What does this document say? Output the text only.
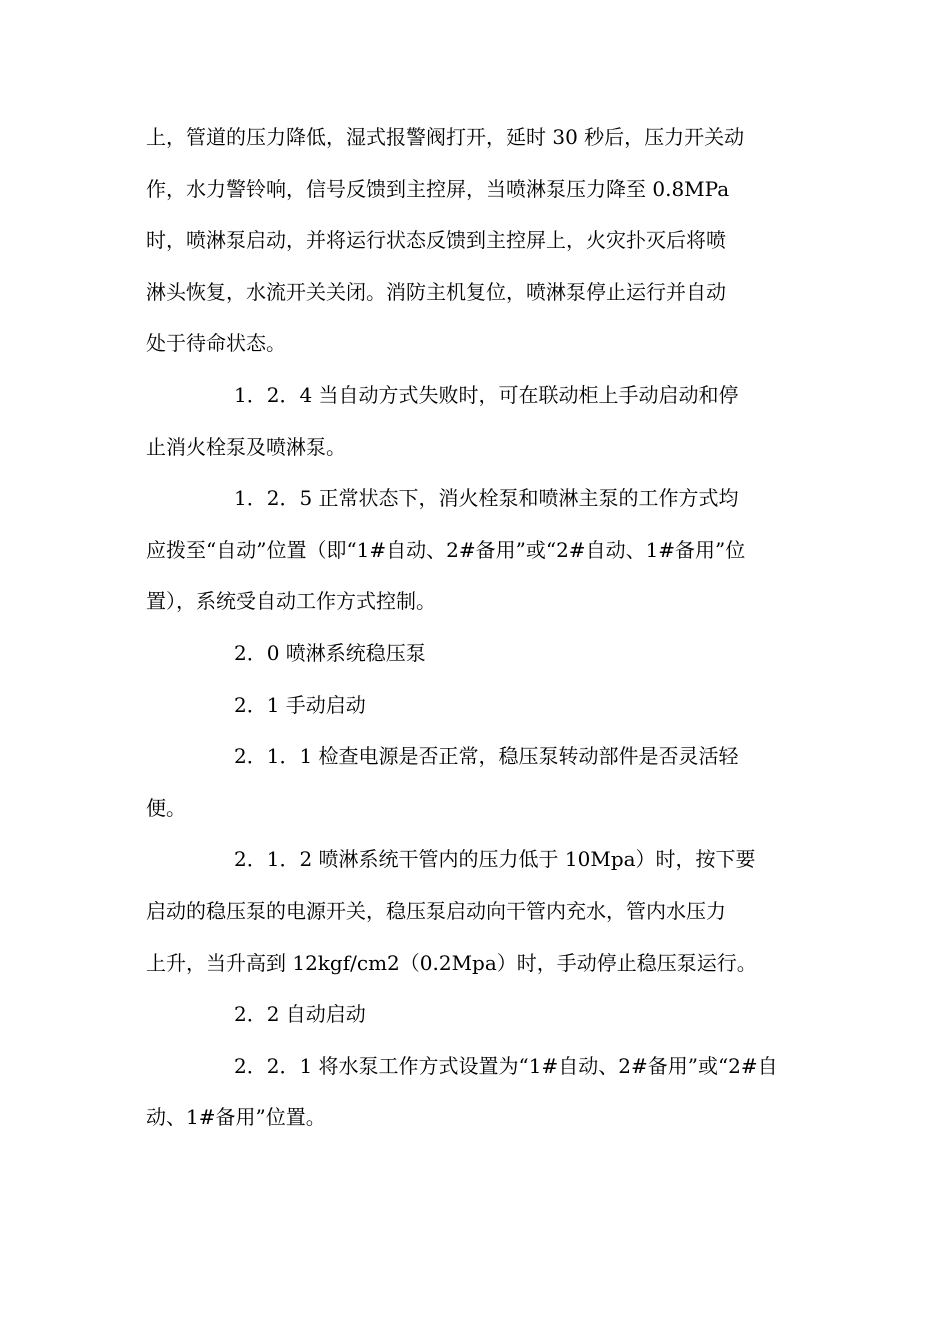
上，管道的压力降低，湿式报警阀打开，延时 30 秒后，压力开关动
作，水力警铃响，信号反馈到主控屏，当喷淋泵压力降至 0.8MPa
时，喷淋泵启动，并将运行状态反馈到主控屏上，火灾扑灭后将喷
淋头恢复，水流开关关闭。消防主机复位，喷淋泵停止运行并自动
处于待命状态。

1．2．4 当自动方式失败时，可在联动柜上手动启动和停
止消火栓泵及喷淋泵。

1．2．5 正常状态下，消火栓泵和喷淋主泵的工作方式均
应拨至“自动”位置（即“1#自动、2#备用”或“2#自动、1#备用”位
置），系统受自动工作方式控制。

2．0 喷淋系统稳压泵

2．1 手动启动

2．1．1 检查电源是否正常，稳压泵转动部件是否灵活轻
便。

2．1．2 喷淋系统干管内的压力低于 10Mpa）时，按下要
启动的稳压泵的电源开关，稳压泵启动向干管内充水，管内水压力
上升，当升高到 12kgf/cm2（0.2Mpa）时，手动停止稳压泵运行。

2．2 自动启动

2．2．1 将水泵工作方式设置为“1#自动、2#备用”或“2#自
动、1#备用”位置。
